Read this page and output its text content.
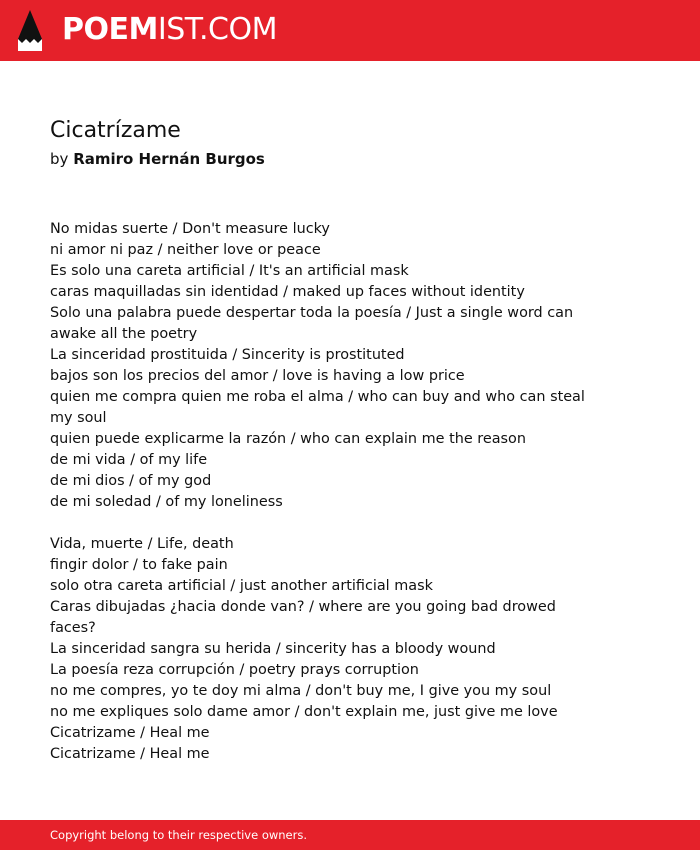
POEMIST.COM
Cicatrízame
by Ramiro Hernán Burgos
No midas suerte / Don't measure lucky
ni amor ni paz / neither love or peace
Es solo una careta artificial / It's an artificial mask
caras maquilladas sin identidad / maked up faces without identity
Solo una palabra puede despertar toda la poesía / Just a single word can awake all the poetry
La sinceridad prostituida / Sincerity is prostituted
bajos son los precios del amor / love is having a low price
quien me compra quien me roba el alma / who can buy and who can steal my soul
quien puede explicarme la razón / who can explain me the reason
de mi vida / of my life
de mi dios / of my god
de mi soledad / of my loneliness
Vida, muerte / Life, death
fingir dolor / to fake pain
solo otra careta artificial / just another artificial mask
Caras dibujadas ¿hacia donde van? / where are you going bad drowed faces?
La sinceridad sangra su herida / sincerity has a bloody wound
La poesía reza corrupción / poetry prays corruption
no me compres, yo te doy mi alma / don't buy me, I give you my soul
no me expliques solo dame amor / don't explain me, just give me love
Cicatrizame / Heal me
Cicatrizame / Heal me
Copyright belong to their respective owners.
